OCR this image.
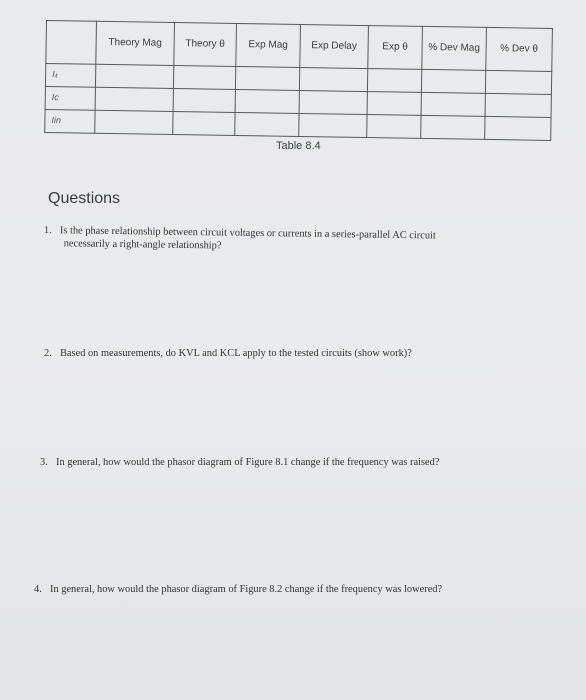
	Theory Mag	Theory θ	Exp Mag	Exp Delay	Exp θ	% Dev Mag	% Dev θ
Iₗᵣ							
Ic							
Iin							
Table 8.4
Questions
1. Is the phase relationship between circuit voltages or currents in a series-parallel AC circuit
necessarily a right-angle relationship?
2. Based on measurements, do KVL and KCL apply to the tested circuits (show work)?
3. In general, how would the phasor diagram of Figure 8.1 change if the frequency was raised?
4. In general, how would the phasor diagram of Figure 8.2 change if the frequency was lowered?
